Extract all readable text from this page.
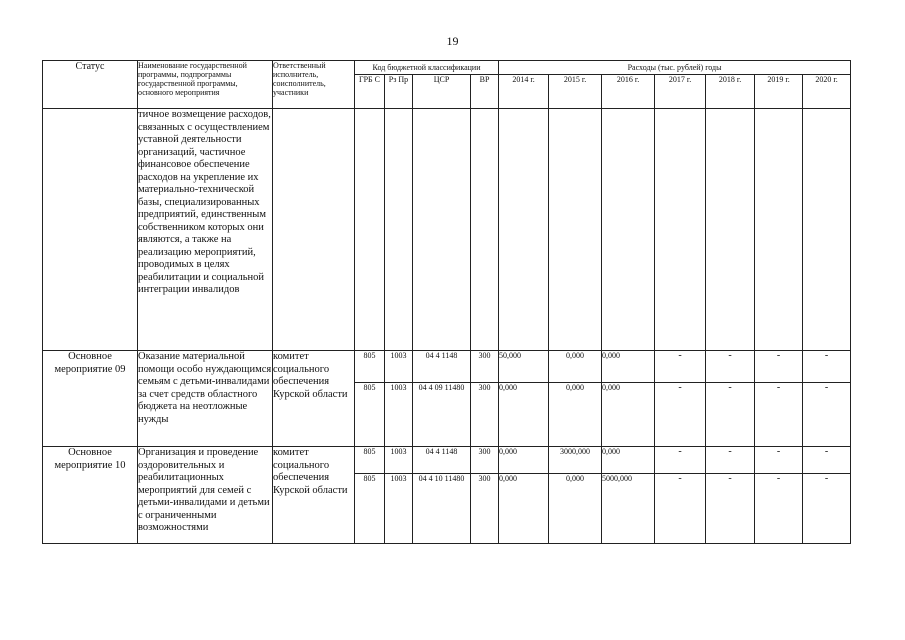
19
Статус	Наименование государственной программы, подпрограммы государственной программы, основного мероприятия	Ответственный исполнитель, соисполнитель, участники	Код бюджетной классификации				Расходы (тыс. рублей) годы						
			ГРБ С	Рз Пр	ЦСР	ВР	2014 г.	2015 г.	2016 г.	2017 г.	2018 г.	2019 г.	2020 г.
	тичное возмещение расходов, связанных с осуществлением уставной деятельности организаций, частичное финансовое обеспечение расходов на укрепление их материально-технической базы, специализированных предприятий, единственным собственником которых они являются, а также на реализацию мероприятий, проводимых в целях реабилитации и социальной интеграции инвалидов												
Основное мероприятие 09	Оказание материальной помощи особо нуждающимся семьям с детьми-инвалидами за счет средств областного бюджета на неотложные нужды	комитет социального обеспечения Курской области	805	1003	04 4 1148	300	50,000	0,000	0,000	-	-	-	-
			805	1003	04 4 09 11480	300	0,000	0,000	0,000	-	-	-	-
Основное мероприятие 10	Организация и проведение оздоровительных и реабилитационных мероприятий для семей с детьми-инвалидами и детьми с ограниченными возможностями	комитет социального обеспечения Курской области	805	1003	04 4 1148	300	0,000	3000,000	0,000	-	-	-	-
			805	1003	04 4 10 11480	300	0,000	0,000	5000,000	-	-	-	-
